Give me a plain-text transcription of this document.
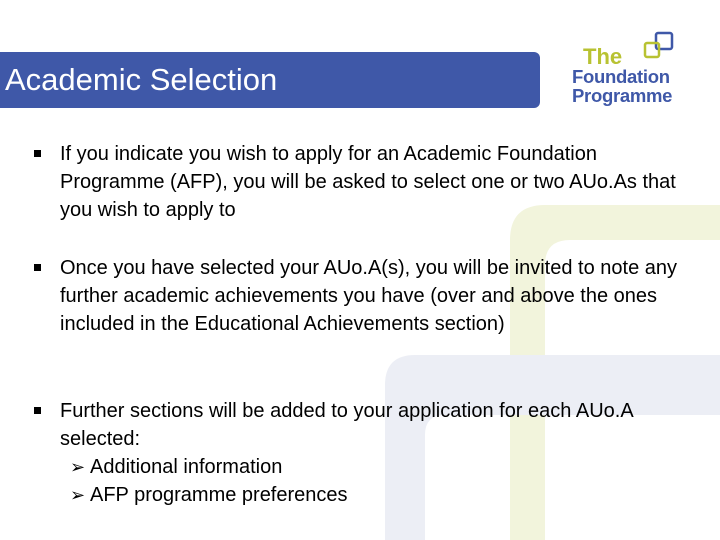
Academic Selection
The
Foundation
Programme
If you indicate you wish to apply for an Academic Foundation Programme (AFP), you will be asked to select one or two AUo.As that you wish to apply to
Once you have selected your AUo.A(s), you will be invited to note any further academic achievements you have (over and above the ones included in the Educational Achievements section)
Further sections will be added to your application for each AUo.A selected:
➢ Additional information
➢ AFP programme preferences
